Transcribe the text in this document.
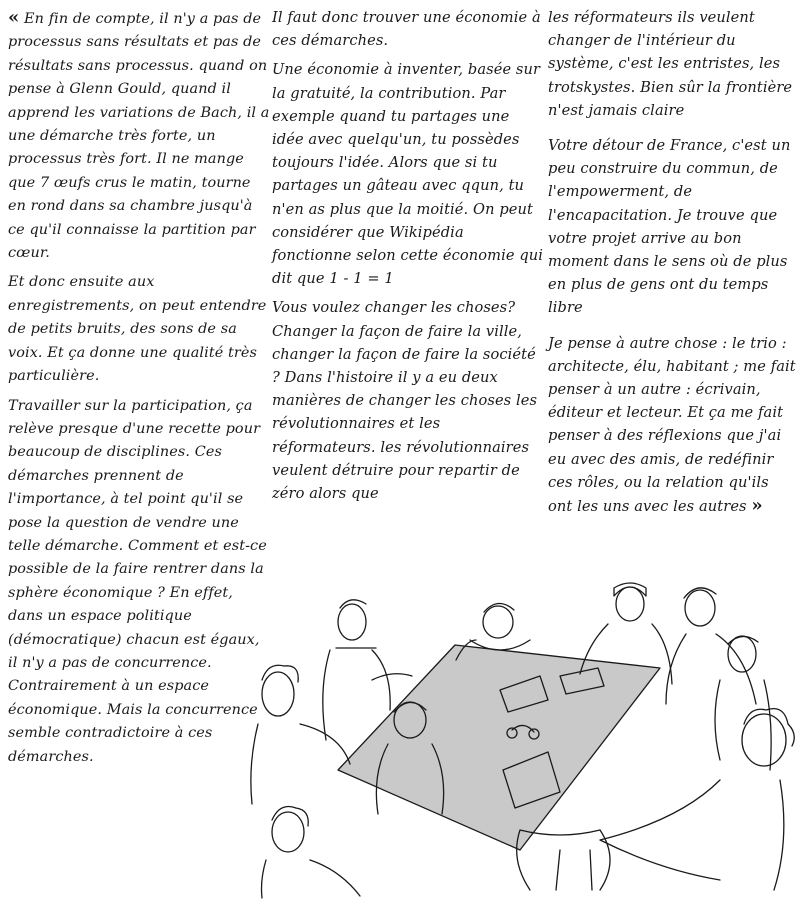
« En fin de compte, il n'y a pas de processus sans résultats et pas de résultats sans processus. quand on pense à Glenn Gould, quand il apprend les variations de Bach, il a une démarche très forte, un processus très fort. Il ne mange que 7 œufs crus le matin, tourne en rond dans sa chambre jusqu'à ce qu'il connaisse la partition par cœur.

Et donc ensuite aux enregistrements, on peut entendre de petits bruits, des sons de sa voix. Et ça donne une qualité très particulière.

Travailler sur la participation, ça relève presque d'une recette pour beaucoup de disciplines. Ces démarches prennent de l'importance, à tel point qu'il se pose la question de vendre une telle démarche. Comment et est-ce possible de la faire rentrer dans la sphère économique ? En effet, dans un espace politique (démocratique) chacun est égaux, il n'y a pas de concurrence. Contrairement à un espace économique. Mais la concurrence semble contradictoire à ces démarches.

Il faut donc trouver une économie à ces démarches.

Une économie à inventer, basée sur la gratuité, la contribution. Par exemple quand tu partages une idée avec quelqu'un, tu possèdes toujours l'idée. Alors que si tu partages un gâteau avec qqun, tu n'en as plus que la moitié. On peut considérer que Wikipédia fonctionne selon cette économie qui dit que 1 - 1 = 1

Vous voulez changer les choses? Changer la façon de faire la ville, changer la façon de faire la société ? Dans l'histoire il y a eu deux manières de changer les choses les révolutionnaires et les réformateurs. les révolutionnaires veulent détruire pour repartir de zéro alors que

les réformateurs ils veulent changer de l'intérieur du système, c'est les entristes, les trotskystes. Bien sûr la frontière n'est jamais claire

Votre détour de France, c'est un peu construire du commun, de l'empowerment, de l'encapacitation. Je trouve que votre projet arrive au bon moment dans le sens où de plus en plus de gens ont du temps libre

Je pense à autre chose : le trio : architecte, élu, habitant ; me fait penser à un autre : écrivain, éditeur et lecteur. Et ça me fait penser à des réflexions que j'ai eu avec des amis, de redéfinir ces rôles, ou la relation qu'ils ont les uns avec les autres »
